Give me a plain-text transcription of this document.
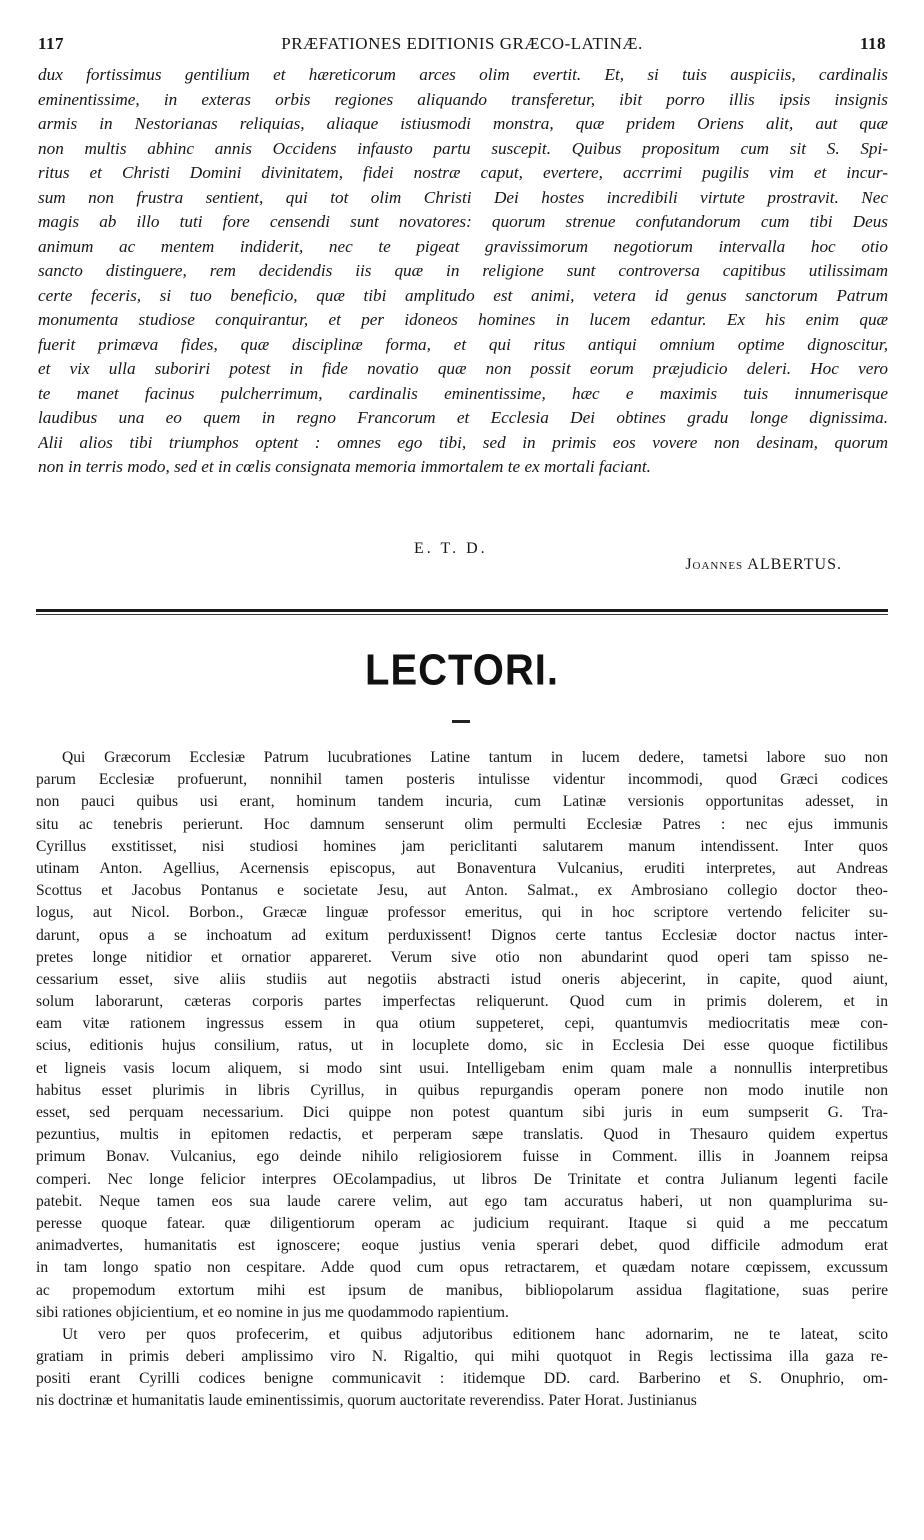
117	PRÆFATIONES EDITIONIS GRÆCO-LATINÆ.	118
dux fortissimus gentilium et hæreticorum arces olim evertit. Et, si tuis auspiciis, cardinalis
eminentissime, in exteras orbis regiones aliquando transferetur, ibit porro illis ipsis insignis
armis in Nestorianas reliquias, aliaque istiusmodi monstra, quæ pridem Oriens alit, aut quæ
non multis abhinc annis Occidens infausto partu suscepit. Quibus propositum cum sit S. Spi-
ritus et Christi Domini divinitatem, fidei nostræ caput, evertere, accrrimi pugilis vim et incur-
sum non frustra sentient, qui tot olim Christi Dei hostes incredibili virtute prostravit. Nec
magis ab illo tuti fore censendi sunt novatores: quorum strenue confutandorum cum tibi Deus
animum ac mentem indiderit, nec te pigeat gravissimorum negotiorum intervalla hoc otio
sancto distinguere, rem decidendis iis quæ in religione sunt controversa capitibus utilissimam
certe feceris, si tuo beneficio, quæ tibi amplitudo est animi, vetera id genus sanctorum Patrum
monumenta studiose conquirantur, et per idoneos homines in lucem edantur. Ex his enim quæ
fuerit primæva fides, quæ disciplinæ forma, et qui ritus antiqui omnium optime dignoscitur,
et vix ulla suboriri potest in fide novatio quæ non possit eorum præjudicio deleri. Hoc vero
te manet facinus pulcherrimum, cardinalis eminentissime, hæc e maximis tuis innumerisque
laudibus una eo quem in regno Francorum et Ecclesia Dei obtines gradu longe dignissima.
Alii alios tibi triumphos optent : omnes ego tibi, sed in primis eos vovere non desinam, quorum
non in terris modo, sed et in cœlis consignata memoria immortalem te ex mortali faciant.
E. T. D.
Joannes ALBERTUS.
LECTORI.
Qui Græcorum Ecclesiæ Patrum lucubrationes Latine tantum in lucem dedere, tametsi labore suo non
parum Ecclesiæ profuerunt, nonnihil tamen posteris intulisse videntur incommodi, quod Græci codices
non pauci quibus usi erant, hominum tandem incuria, cum Latinæ versionis opportunitas adesset, in
situ ac tenebris perierunt. Hoc damnum senserunt olim permulti Ecclesiæ Patres : nec ejus immunis
Cyrillus exstitisset, nisi studiosi homines jam periclitanti salutarem manum intendissent. Inter quos
utinam Anton. Agellius, Acernensis episcopus, aut Bonaventura Vulcanius, eruditi interpretes, aut Andreas
Scottus et Jacobus Pontanus e societate Jesu, aut Anton. Salmat., ex Ambrosiano collegio doctor theo-
logus, aut Nicol. Borbon., Græcæ linguæ professor emeritus, qui in hoc scriptore vertendo feliciter su-
darunt, opus a se inchoatum ad exitum perduxissent! Dignos certe tantus Ecclesiæ doctor nactus inter-
pretes longe nitidior et ornatior appareret. Verum sive otio non abundarint quod operi tam spisso ne-
cessarium esset, sive aliis studiis aut negotiis abstracti istud oneris abjecerint, in capite, quod aiunt,
solum laborarunt, cæteras corporis partes imperfectas reliquerunt. Quod cum in primis dolerem, et in
eam vitæ rationem ingressus essem in qua otium suppeteret, cepi, quantumvis mediocritatis meæ con-
scius, editionis hujus consilium, ratus, ut in locuplete domo, sic in Ecclesia Dei esse quoque fictilibus
et ligneis vasis locum aliquem, si modo sint usui. Intelligebam enim quam male a nonnullis interpretibus
habitus esset plurimis in libris Cyrillus, in quibus repurgandis operam ponere non modo inutile non
esset, sed perquam necessarium. Dici quippe non potest quantum sibi juris in eum sumpserit G. Tra-
pezuntius, multis in epitomen redactis, et perperam sæpe translatis. Quod in Thesauro quidem expertus
primum Bonav. Vulcanius, ego deinde nihilo religiosiorem fuisse in Comment. illis in Joannem reipsa
comperi. Nec longe felicior interpres OEcolampadius, ut libros De Trinitate et contra Julianum legenti facile
patebit. Neque tamen eos sua laude carere velim, aut ego tam accuratus haberi, ut non quamplurima su-
peresse quoque fatear. quæ diligentiorum operam ac judicium requirant. Itaque si quid a me peccatum
animadvertes, humanitatis est ignoscere; eoque justius venia sperari debet, quod difficile admodum erat
in tam longo spatio non cespitare. Adde quod cum opus retractarem, et quædam notare cœpissem, excussum
ac propemodum extortum mihi est ipsum de manibus, bibliopolarum assidua flagitatione, suas perire
sibi rationes objicientium, et eo nomine in jus me quodammodo rapientium.
Ut vero per quos profecerim, et quibus adjutoribus editionem hanc adornarim, ne te lateat, scito
gratiam in primis deberi amplissimo viro N. Rigaltio, qui mihi quotquot in Regis lectissima illa gaza re-
positi erant Cyrilli codices benigne communicavit : itidemque DD. card. Barberino et S. Onuphrio, om-
nis doctrinæ et humanitatis laude eminentissimis, quorum auctoritate reverendiss. Pater Horat. Justinianus
